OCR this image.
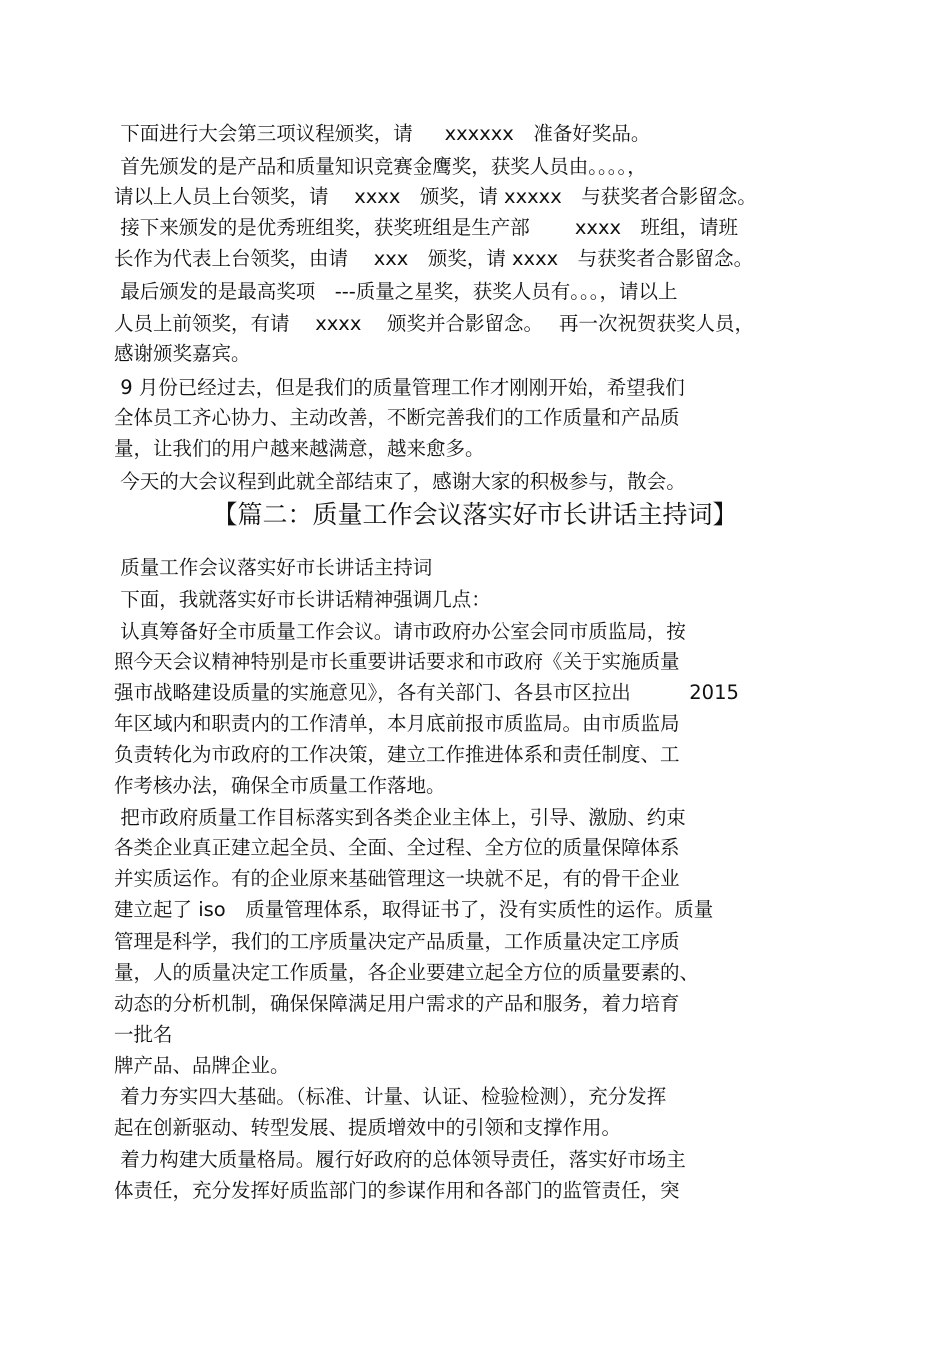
下面进行大会第三项议程颁奖，请　  xxxxxx　准备好奖品。

首先颁发的是产品和质量知识竞赛金鹰奖，获奖人员由。。。。，

请以上人员上台领奖，请　 xxxx　颁奖，请 xxxxx　与获奖者合影留念。

接下来颁发的是优秀班组奖，获奖班组是生产部　　 xxxx　班组，请班

长作为代表上台领奖，由请　 xxx　颁奖，请 xxxx　与获奖者合影留念。

最后颁发的是最高奖项　---质量之星奖，获奖人员有。。。，请以上

人员上前领奖，有请　 xxxx　 颁奖并合影留念。　 再一次祝贺获奖人员，

感谢颁奖嘉宾。

9 月份已经过去，但是我们的质量管理工作才刚刚开始，希望我们

全体员工齐心协力、主动改善，不断完善我们的工作质量和产品质

量，让我们的用户越来越满意，越来愈多。

今天的大会议程到此就全部结束了，感谢大家的积极参与，散会。

【篇二：质量工作会议落实好市长讲话主持词】

质量工作会议落实好市长讲话主持词

下面，我就落实好市长讲话精神强调几点：

认真筹备好全市质量工作会议。请市政府办公室会同市质监局，按

照今天会议精神特别是市长重要讲话要求和市政府《关于实施质量

强市战略建设质量的实施意见》，各有关部门、各县市区拉出　　　2015

年区域内和职责内的工作清单，本月底前报市质监局。由市质监局

负责转化为市政府的工作决策，建立工作推进体系和责任制度、工

作考核办法，确保全市质量工作落地。

把市政府质量工作目标落实到各类企业主体上，引导、激励、约束

各类企业真正建立起全员、全面、全过程、全方位的质量保障体系

并实质运作。有的企业原来基础管理这一块就不足，有的骨干企业

建立起了 iso　质量管理体系，取得证书了，没有实质性的运作。质量

管理是科学，我们的工序质量决定产品质量，工作质量决定工序质

量，人的质量决定工作质量，各企业要建立起全方位的质量要素的、

动态的分析机制，确保保障满足用户需求的产品和服务，着力培育

一批名

牌产品、品牌企业。

着力夯实四大基础。（标准、计量、认证、检验检测），充分发挥

起在创新驱动、转型发展、提质增效中的引领和支撑作用。

着力构建大质量格局。履行好政府的总体领导责任，落实好市场主

体责任，充分发挥好质监部门的参谋作用和各部门的监管责任，突
